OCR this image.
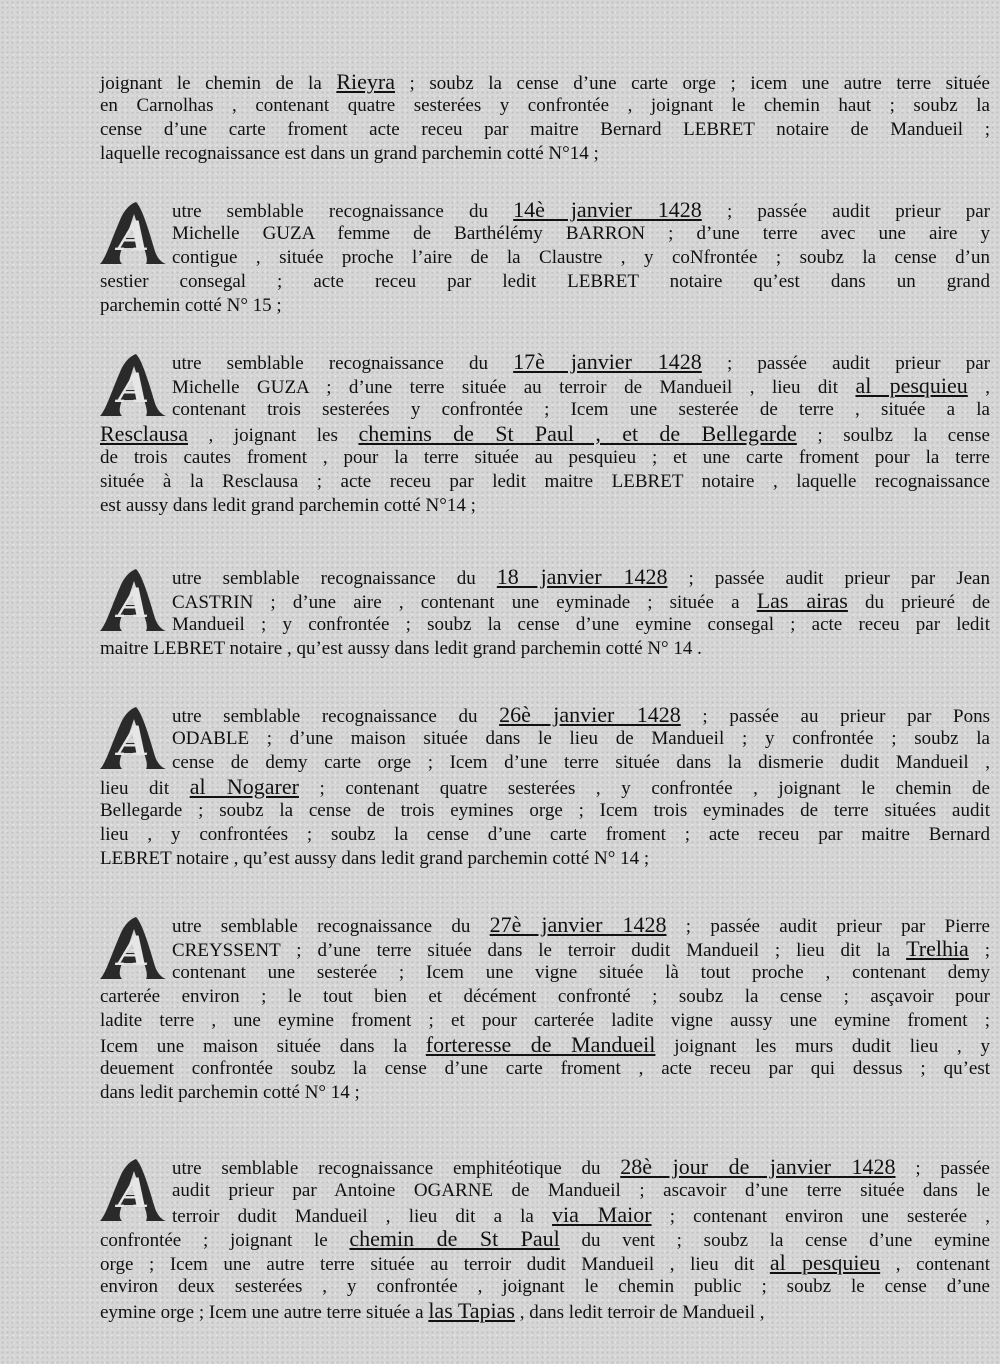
joignant le chemin de la Rieyra ; soubz la cense d’une carte orge ; icem une autre terre située
en Carnolhas , contenant quatre sesterées y confrontée , joignant le chemin haut ; soubz la
cense d’une carte froment acte receu par maitre Bernard LEBRET notaire de Mandueil ;
laquelle recognaissance est dans un grand parchemin cotté N°14 ;
A
utre semblable recognaissance du 14è janvier 1428 ; passée audit prieur par
Michelle GUZA femme de Barthélémy BARRON ; d’une terre avec une aire y
contigue , située proche l’aire de la Claustre , y coNfrontée ; soubz la cense d’un
sestier consegal ; acte receu par ledit LEBRET notaire qu’est dans un grand
parchemin cotté N° 15 ;
A
utre semblable recognaissance du 17è janvier 1428 ; passée audit prieur par
Michelle GUZA ; d’une terre située au terroir de Mandueil , lieu dit al pesquieu ,
contenant trois sesterées y confrontée ; Icem une sesterée de terre , située a la
Resclausa , joignant les chemins de St Paul , et de Bellegarde ; soulbz la cense
de trois cautes froment , pour la terre située au pesquieu ; et une carte froment pour la terre
située à la Resclausa ; acte receu par ledit maitre LEBRET notaire , laquelle recognaissance
est aussy dans ledit grand parchemin cotté N°14 ;
A
utre semblable recognaissance du 18 janvier 1428 ; passée audit prieur par Jean
CASTRIN ; d’une aire , contenant une eyminade ; située a Las airas du prieuré de
Mandueil ; y confrontée ; soubz la cense d’une eymine consegal ; acte receu par ledit
maitre LEBRET notaire , qu’est aussy dans ledit grand parchemin cotté N° 14 .
A
utre semblable recognaissance du 26è janvier 1428 ; passée au prieur par Pons
ODABLE ; d’une maison située dans le lieu de Mandueil ; y confrontée ; soubz la
cense de demy carte orge ; Icem d’une terre située dans la dismerie dudit Mandueil ,
lieu dit al Nogarer ; contenant quatre sesterées , y confrontée , joignant le chemin de
Bellegarde ; soubz la cense de trois eymines orge ; Icem trois eyminades de terre situées audit
lieu , y confrontées ; soubz la cense d’une carte froment ; acte receu par maitre Bernard
LEBRET notaire , qu’est aussy dans ledit grand parchemin cotté N° 14 ;
A
utre semblable recognaissance du 27è janvier 1428 ; passée audit prieur par Pierre
CREYSSENT ; d’une terre située dans le terroir dudit Mandueil ; lieu dit la Trelhia ;
contenant une sesterée ; Icem une vigne située là tout proche , contenant demy
carterée environ ; le tout bien et décément confronté ; soubz la cense ; asçavoir pour
ladite terre , une eymine froment ; et pour carterée ladite vigne aussy une eymine froment ;
Icem une maison située dans la forteresse de Mandueil joignant les murs dudit lieu , y
deuement confrontée soubz la cense d’une carte froment , acte receu par qui dessus ; qu’est
dans ledit parchemin cotté N° 14 ;
A
utre semblable recognaissance emphitéotique du 28è jour de janvier 1428 ; passée
audit prieur par Antoine OGARNE de Mandueil ; ascavoir d’une terre située dans le
terroir dudit Mandueil , lieu dit a la via Maior ; contenant environ une sesterée ,
confrontée ; joignant le chemin de St Paul du vent ; soubz la cense d’une eymine
orge ; Icem une autre terre située au terroir dudit Mandueil , lieu dit al pesquieu , contenant
environ deux sesterées , y confrontée , joignant le chemin public ; soubz le cense d’une
eymine orge ; Icem une autre terre située a las Tapias , dans ledit terroir de Mandueil ,
